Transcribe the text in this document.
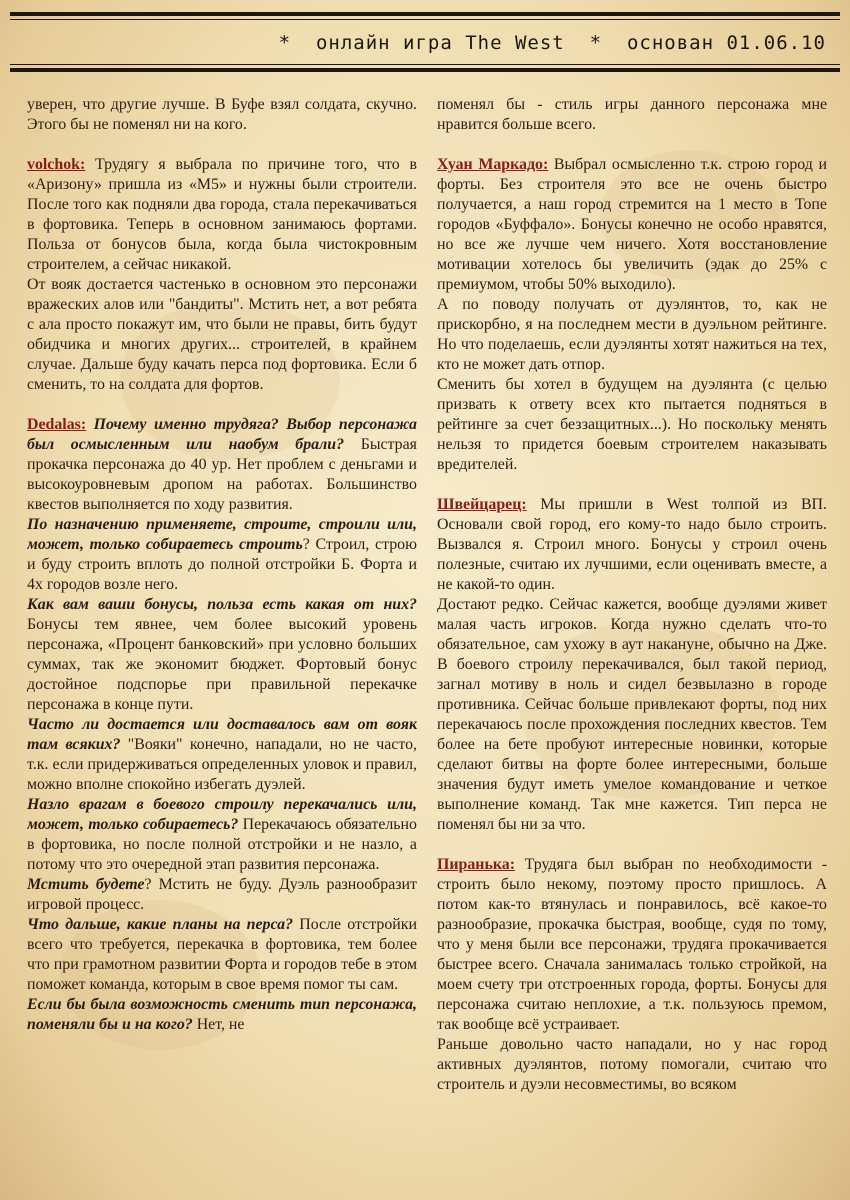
* онлайн игра The West * основан 01.06.10

уверен, что другие лучше. В Буфе взял солдата, скучно. Этого бы не поменял ни на кого.

volchok: Трудягу я выбрала по причине того, что в «Аризону» пришла из «М5» и нужны были строители. После того как подняли два города, стала перекачиваться в фортовика. Теперь в основном занимаюсь фортами. Польза от бонусов была, когда была чистокровным строителем, а сейчас никакой.

От вояк достается частенько в основном это персонажи вражеских алов или "бандиты". Мстить нет, а вот ребята с ала просто покажут им, что были не правы, бить будут обидчика и многих других... строителей, в крайнем случае. Дальше буду качать перса под фортовика. Если б сменить, то на солдата для фортов.

Dedalas: Почему именно трудяга? Выбор персонажа был осмысленным или наобум брали? Быстрая прокачка персонажа до 40 ур. Нет проблем с деньгами и высокоуровневым дропом на работах. Большинство квестов выполняется по ходу развития.

По назначению применяете, строите, строили или, может, только собираетесь строить? Строил, строю и буду строить вплоть до полной отстройки Б. Форта и 4х городов возле него.

Как вам ваши бонусы, польза есть какая от них? Бонусы тем явнее, чем более высокий уровень персонажа, «Процент банковский» при условно больших суммах, так же экономит бюджет. Фортовый бонус достойное подспорье при правильной перекачке персонажа в конце пути.

Часто ли достается или доставалось вам от вояк там всяких? "Вояки" конечно, нападали, но не часто, т.к. если придерживаться определенных уловок и правил, можно вполне спокойно избегать дуэлей.

Назло врагам в боевого строилу перекачались или, может, только собираетесь? Перекачаюсь обязательно в фортовика, но после полной отстройки и не назло, а потому что это очередной этап развития персонажа.

Мстить будете? Мстить не буду. Дуэль разнообразит игровой процесс.

Что дальше, какие планы на перса? После отстройки всего что требуется, перекачка в фортовика, тем более что при грамотном развитии Форта и городов тебе в этом поможет команда, которым в свое время помог ты сам.

Если бы была возможность сменить тип персонажа, поменяли бы и на кого? Нет, не

поменял бы - стиль игры данного персонажа мне нравится больше всего.

Хуан Маркадо: Выбрал осмысленно т.к. строю город и форты. Без строителя это все не очень быстро получается, а наш город стремится на 1 место в Топе городов «Буффало». Бонусы конечно не особо нравятся, но все же лучше чем ничего. Хотя восстановление мотивации хотелось бы увеличить (эдак до 25% с премиумом, чтобы 50% выходило).

А по поводу получать от дуэлянтов, то, как не прискорбно, я на последнем мести в дуэльном рейтинге. Но что поделаешь, если дуэлянты хотят нажиться на тех, кто не может дать отпор.

Сменить бы хотел в будущем на дуэлянта (с целью призвать к ответу всех кто пытается подняться в рейтинге за счет беззащитных...). Но поскольку менять нельзя то придется боевым строителем наказывать вредителей.

Швейцарец: Мы пришли в West толпой из ВП. Основали свой город, его кому-то надо было строить. Вызвался я. Строил много. Бонусы у строил очень полезные, считаю их лучшими, если оценивать вместе, а не какой-то один.

Достают редко. Сейчас кажется, вообще дуэлями живет малая часть игроков. Когда нужно сделать что-то обязательное, сам ухожу в аут накануне, обычно на Дже. В боевого строилу перекачивался, был такой период, загнал мотиву в ноль и сидел безвылазно в городе противника. Сейчас больше привлекают форты, под них перекачаюсь после прохождения последних квестов. Тем более на бете пробуют интересные новинки, которые сделают битвы на форте более интересными, больше значения будут иметь умелое командование и четкое выполнение команд. Так мне кажется. Тип перса не поменял бы ни за что.

Пиранька: Трудяга был выбран по необходимости - строить было некому, поэтому просто пришлось. А потом как-то втянулась и понравилось, всё какое-то разнообразие, прокачка быстрая, вообще, судя по тому, что у меня были все персонажи, трудяга прокачивается быстрее всего. Сначала занималась только стройкой, на моем счету три отстроенных города, форты. Бонусы для персонажа считаю неплохие, а т.к. пользуюсь премом, так вообще всё устраивает.

Раньше довольно часто нападали, но у нас город активных дуэлянтов, потому помогали, считаю что строитель и дуэли несовместимы, во всяком
